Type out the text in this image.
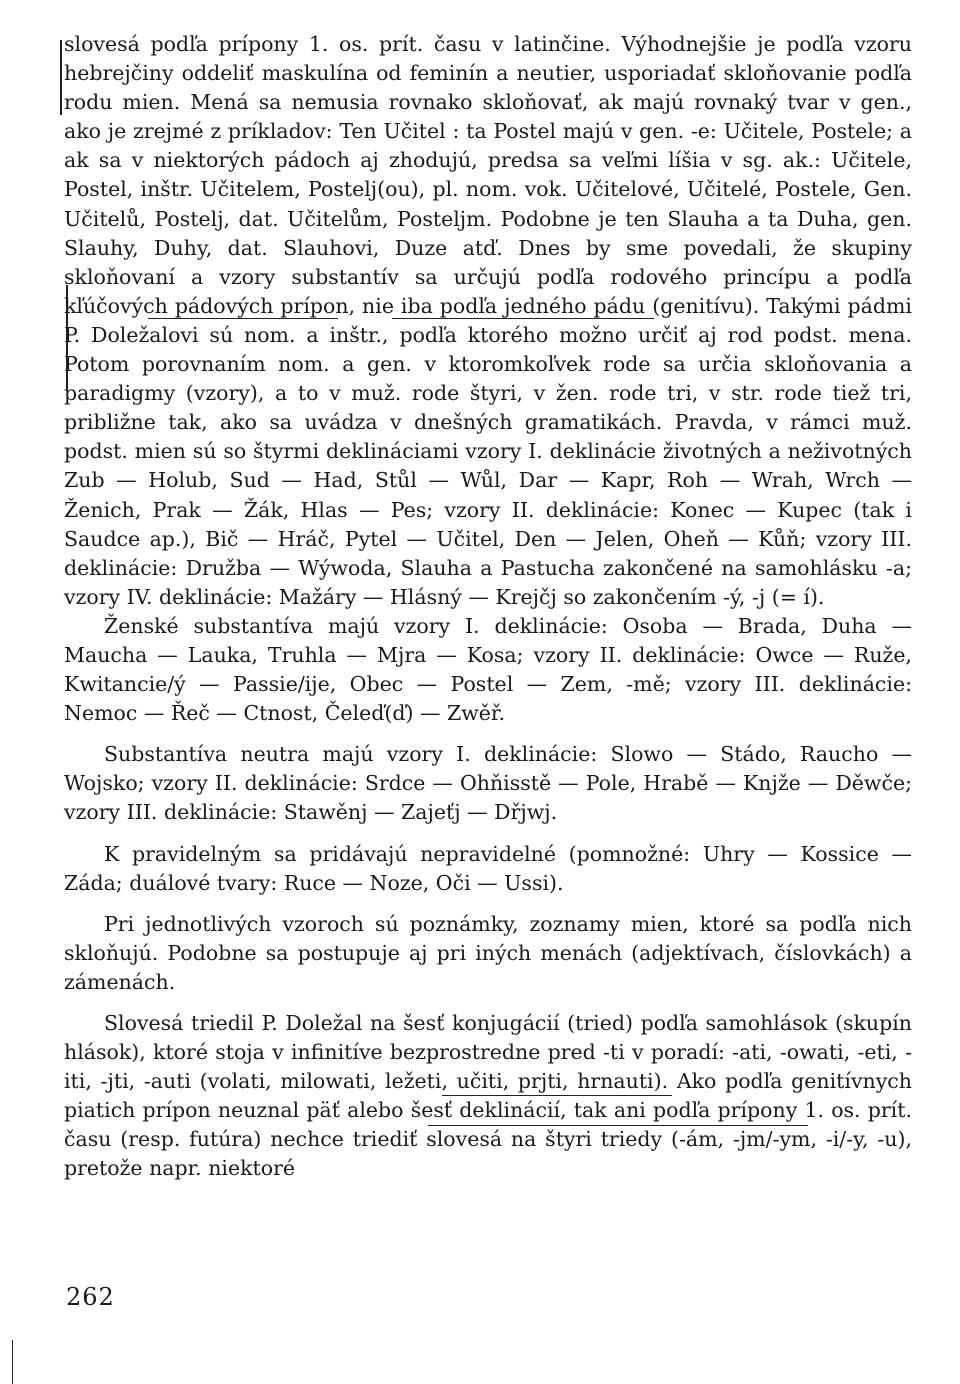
slovesá podľa prípony 1. os. prít. času v latinčine. Výhodnejšie je podľa vzoru hebrejčiny oddeliť maskulína od feminín a neutier, usporiadať skloňovanie podľa rodu mien. Mená sa nemusia rovnako skloňovať, ak majú rovnaký tvar v gen., ako je zrejmé z príkladov: Ten Učitel : ta Postel majú v gen. -e: Učitele, Postele; a ak sa v niektorých pádoch aj zhodujú, predsa sa veľmi líšia v sg. ak.: Učitele, Postel, inštr. Učitelem, Postelj(ou), pl. nom. vok. Učitelové, Učitelé, Postele, Gen. Učitelů, Postelj, dat. Učitelům, Posteljm. Podobne je ten Slauha a ta Duha, gen. Slauhy, Duhy, dat. Slauhovi, Duze atď. Dnes by sme povedali, že skupiny skloňovaní a vzory substantív sa určujú podľa rodového princípu a podľa kľúčových pádových prípon, nie iba podľa jedného pádu (genitívu). Takými pádmi P. Doležalovi sú nom. a inštr., podľa ktorého možno určiť aj rod podst. mena. Potom porovnaním nom. a gen. v ktoromkoľvek rode sa určia skloňovania a paradigmy (vzory), a to v muž. rode štyri, v žen. rode tri, v str. rode tiež tri, približne tak, ako sa uvádza v dnešných gramatikách. Pravda, v rámci muž. podst. mien sú so štyrmi deklináciami vzory I. deklinácie životných a neživotných Zub — Holub, Sud — Had, Stůl — Wůl, Dar — Kapr, Roh — Wrah, Wrch — Ženich, Prak — Žák, Hlas — Pes; vzory II. deklinácie: Konec — Kupec (tak i Saudce ap.), Bič — Hráč, Pytel — Učitel, Den — Jelen, Oheň — Kůň; vzory III. deklinácie: Družba — Wýwoda, Slauha a Pastucha zakončené na samohlásku -a; vzory IV. deklinácie: Mažáry — Hlásný — Krejčj so zakončením -ý, -j (= í).

Ženské substantíva majú vzory I. deklinácie: Osoba — Brada, Duha — Maucha — Lauka, Truhla — Mjra — Kosa; vzory II. deklinácie: Owce — Ruže, Kwitancie/ý — Passie/ije, Obec — Postel — Zem, -mě; vzory III. deklinácie: Nemoc — Řeč — Ctnost, Čeleď(ď) — Zwěř.

Substantíva neutra majú vzory I. deklinácie: Slowo — Stádo, Raucho — Wojsko; vzory II. deklinácie: Srdce — Ohňisstě — Pole, Hrabě — Knjže — Děwče; vzory III. deklinácie: Stawěnj — Zajeťj — Dřjwj.

K pravidelným sa pridávajú nepravidelné (pomnožné: Uhry — Kossice — Záda; duálové tvary: Ruce — Noze, Oči — Ussi).

Pri jednotlivých vzoroch sú poznámky, zoznamy mien, ktoré sa podľa nich skloňujú. Podobne sa postupuje aj pri iných menách (adjektívach, číslovkách) a zámenách.

Slovesá triedil P. Doležal na šesť konjugácií (tried) podľa samohlások (skupín hlások), ktoré stoja v infinitíve bezprostredne pred -ti v poradí: -ati, -owati, -eti, -iti, -jti, -auti (volati, milowati, ležeti, učiti, prjti, hrnauti). Ako podľa genitívnych piatich prípon neuznal päť alebo šesť deklinácií, tak ani podľa prípony 1. os. prít. času (resp. futúra) nechce triediť slovesá na štyri triedy (-ám, -jm/-ym, -i/-y, -u), pretože napr. niektoré

262
